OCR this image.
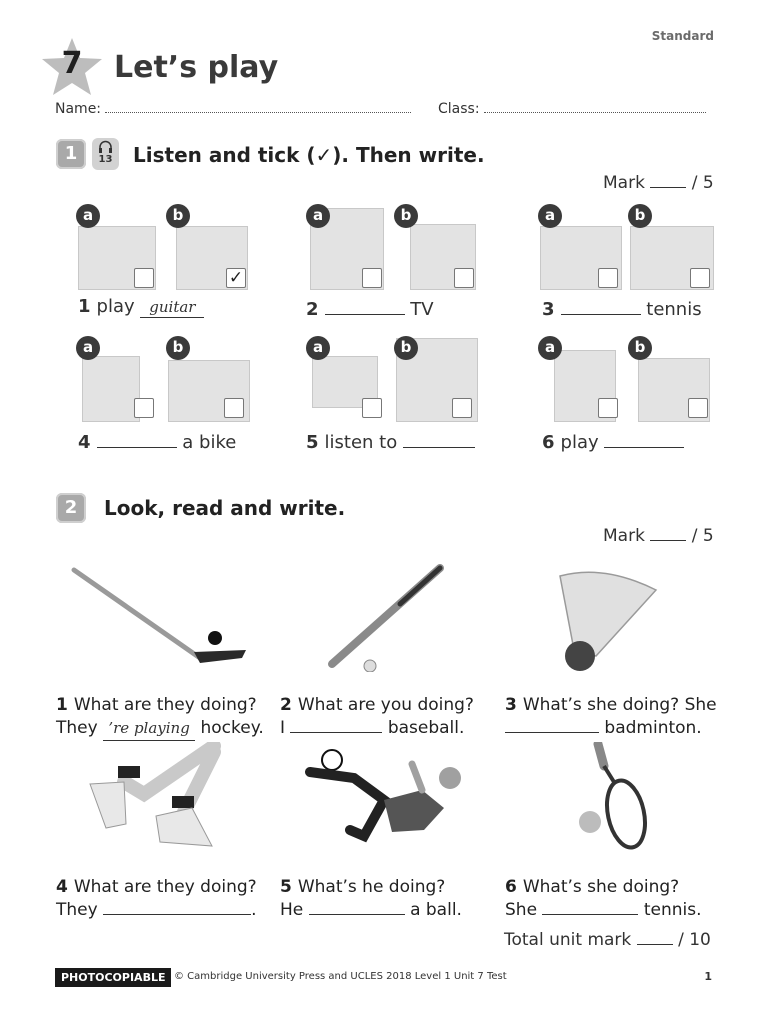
Standard
7	Let’s play
Name:	Class:
1	13	Listen and tick (✓). Then write.
Mark	/ 5
a	b
✓
a	b	a	b
1 play guitar	2	TV	3	tennis
a	b	a	b	a	b
4	a bike	5 listen to	6 play
2	Look, read and write.
Mark	/ 5
1 What are they doing?
They ’re playing hockey.
2 What are you doing?
I	baseball.
3 What’s she doing? She
badminton.
4 What are they doing?
They	.
5 What’s he doing?
He	a ball.
6 What’s she doing?
She	tennis.
Total unit mark	/ 10
PHOTOCOPIABLE © Cambridge University Press and UCLES 2018 Level 1 Unit 7 Test	1
